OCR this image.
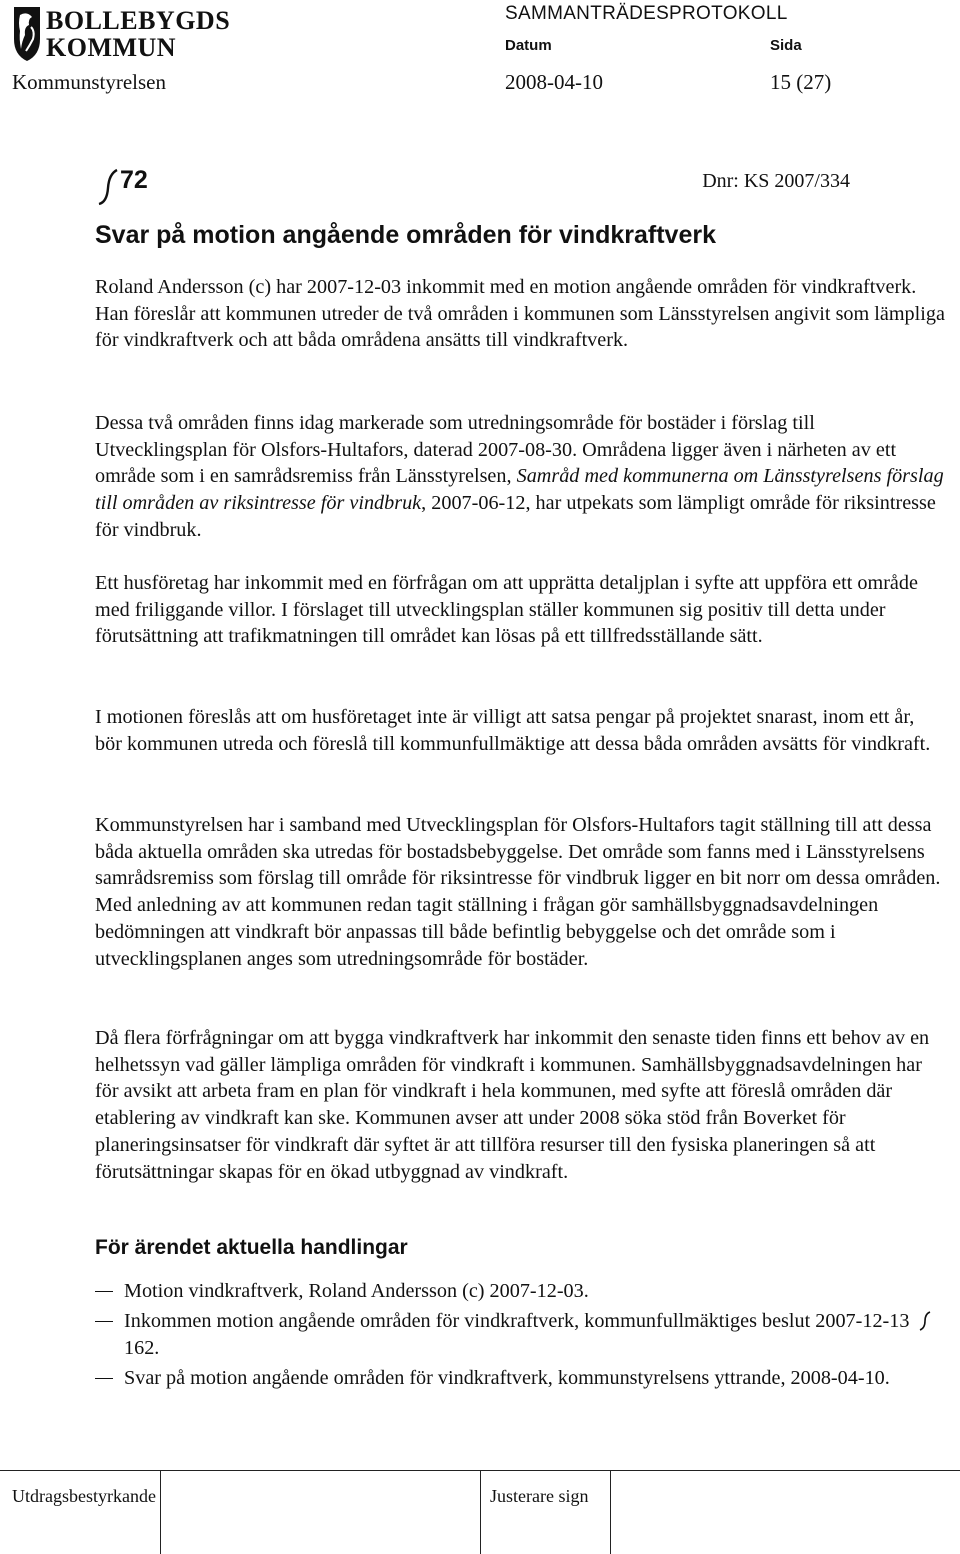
BOLLEBYGDS
KOMMUN
SAMMANTRÄDESPROTOKOLL
Datum	Sida
Kommunstyrelsen	2008-04-10	15 (27)
72	Dnr: KS 2007/334
Svar på motion angående områden för vindkraftverk

Roland Andersson (c) har 2007-12-03 inkommit med en motion angående områden för vindkraftverk. Han föreslår att kommunen utreder de två områden i kommunen som Länsstyrelsen angivit som lämpliga för vindkraftverk och att båda områdena ansätts till vindkraftverk.

Dessa två områden finns idag markerade som utredningsområde för bostäder i förslag till Utvecklingsplan för Olsfors-Hultafors, daterad 2007-08-30. Områdena ligger även i närheten av ett område som i en samrådsremiss från Länsstyrelsen, Samråd med kommunerna om Länsstyrelsens förslag till områden av riksintresse för vindbruk, 2007-06-12, har utpekats som lämpligt område för riksintresse för vindbruk.

Ett husföretag har inkommit med en förfrågan om att upprätta detaljplan i syfte att uppföra ett område med friliggande villor. I förslaget till utvecklingsplan ställer kommunen sig positiv till detta under förutsättning att trafikmatningen till området kan lösas på ett tillfredsställande sätt.

I motionen föreslås att om husföretaget inte är villigt att satsa pengar på projektet snarast, inom ett år, bör kommunen utreda och föreslå till kommunfullmäktige att dessa båda områden avsätts för vindkraft.

Kommunstyrelsen har i samband med Utvecklingsplan för Olsfors-Hultafors tagit ställning till att dessa båda aktuella områden ska utredas för bostadsbebyggelse. Det område som fanns med i Länsstyrelsens samrådsremiss som förslag till område för riksintresse för vindbruk ligger en bit norr om dessa områden. Med anledning av att kommunen redan tagit ställning i frågan gör samhällsbyggnadsavdelningen bedömningen att vindkraft bör anpassas till både befintlig bebyggelse och det område som i utvecklingsplanen anges som utredningsområde för bostäder.

Då flera förfrågningar om att bygga vindkraftverk har inkommit den senaste tiden finns ett behov av en helhetssyn vad gäller lämpliga områden för vindkraft i kommunen. Samhällsbyggnadsavdelningen har för avsikt att arbeta fram en plan för vindkraft i hela kommunen, med syfte att föreslå områden där etablering av vindkraft kan ske. Kommunen avser att under 2008 söka stöd från Boverket för planeringsinsatser för vindkraft där syftet är att tillföra resurser till den fysiska planeringen så att förutsättningar skapas för en ökad utbyggnad av vindkraft.

För ärendet aktuella handlingar
Motion vindkraftverk, Roland Andersson (c) 2007-12-03.
Inkommen motion angående områden för vindkraftverk, kommunfullmäktiges beslut 2007-12-13  162.
Svar på motion angående områden för vindkraftverk, kommunstyrelsens yttrande, 2008-04-10.
Utdragsbestyrkande	Justerare sign
